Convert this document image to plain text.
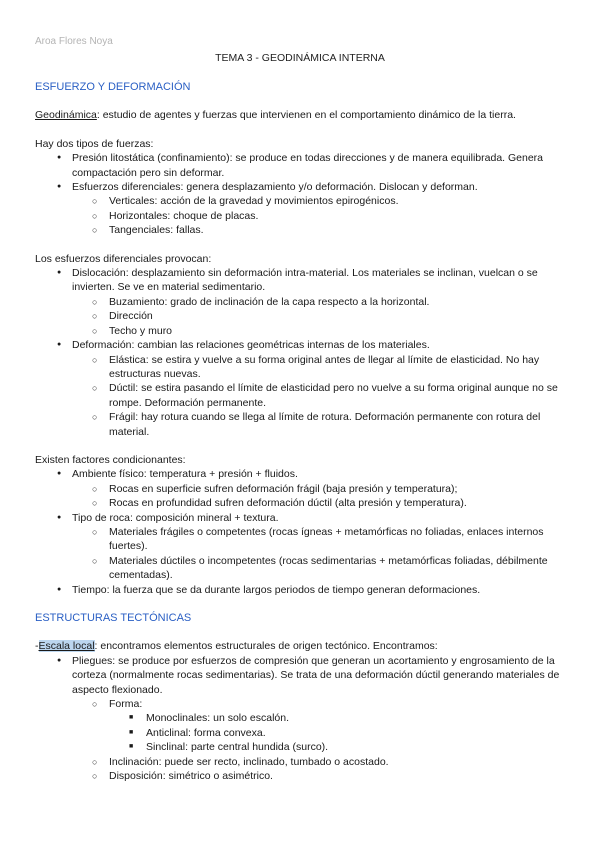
Aroa Flores Noya
TEMA 3 - GEODINÁMICA INTERNA

ESFUERZO Y DEFORMACIÓN

Geodinámica: estudio de agentes y fuerzas que intervienen en el comportamiento dinámico de la tierra.

Hay dos tipos de fuerzas:

● Presión litostática (confinamiento): se produce en todas direcciones y de manera equilibrada. Genera compactación pero sin deformar.
● Esfuerzos diferenciales: genera desplazamiento y/o deformación. Dislocan y deforman.
○ Verticales: acción de la gravedad y movimientos epirogénicos.
○ Horizontales: choque de placas.
○ Tangenciales: fallas.

Los esfuerzos diferenciales provocan:

● Dislocación: desplazamiento sin deformación intra-material. Los materiales se inclinan, vuelcan o se invierten. Se ve en material sedimentario.
○ Buzamiento: grado de inclinación de la capa respecto a la horizontal.
○ Dirección
○ Techo y muro
● Deformación: cambian las relaciones geométricas internas de los materiales.
○ Elástica: se estira y vuelve a su forma original antes de llegar al límite de elasticidad. No hay estructuras nuevas.
○ Dúctil: se estira pasando el límite de elasticidad pero no vuelve a su forma original aunque no se rompe. Deformación permanente.
○ Frágil: hay rotura cuando se llega al límite de rotura. Deformación permanente con rotura del material.

Existen factores condicionantes:

● Ambiente físico: temperatura + presión + fluidos.
○ Rocas en superficie sufren deformación frágil (baja presión y temperatura);
○ Rocas en profundidad sufren deformación dúctil (alta presión y temperatura).
● Tipo de roca: composición mineral + textura.
○ Materiales frágiles o competentes (rocas ígneas + metamórficas no foliadas, enlaces internos fuertes).
○ Materiales dúctiles o incompetentes (rocas sedimentarias + metamórficas foliadas, débilmente cementadas).
● Tiempo: la fuerza que se da durante largos periodos de tiempo generan deformaciones.

ESTRUCTURAS TECTÓNICAS

-Escala local: encontramos elementos estructurales de origen tectónico. Encontramos:

● Pliegues: se produce por esfuerzos de compresión que generan un acortamiento y engrosamiento de la corteza (normalmente rocas sedimentarias). Se trata de una deformación dúctil generando materiales de aspecto flexionado.
○ Forma:
■ Monoclinales: un solo escalón.
■ Anticlinal: forma convexa.
■ Sinclinal: parte central hundida (surco).
○ Inclinación: puede ser recto, inclinado, tumbado o acostado.
○ Disposición: simétrico o asimétrico.
